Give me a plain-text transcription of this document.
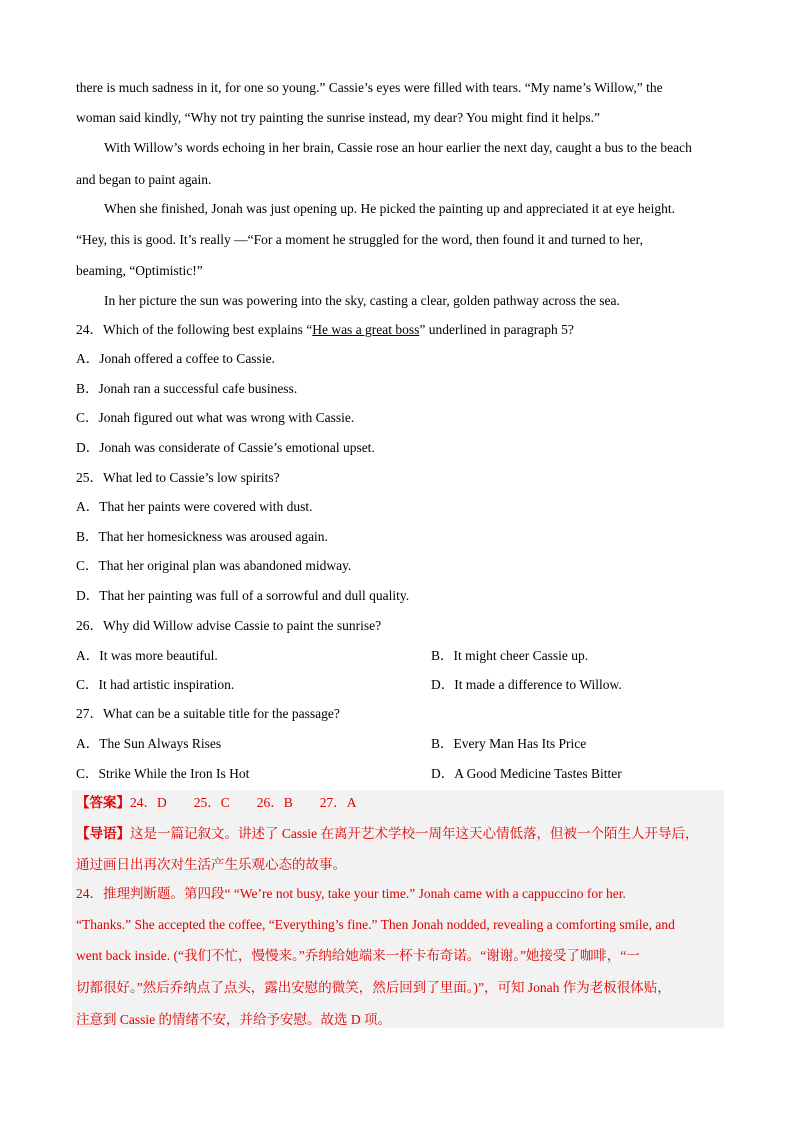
there is much sadness in it, for one so young.” Cassie’s eyes were filled with tears. “My name’s Willow,” the
woman said kindly, “Why not try painting the sunrise instead, my dear? You might find it helps.”
With Willow’s words echoing in her brain, Cassie rose an hour earlier the next day, caught a bus to the beach
and began to paint again.
When she finished, Jonah was just opening up. He picked the painting up and appreciated it at eye height.
“Hey, this is good. It’s really —“For a moment he struggled for the word, then found it and turned to her,
beaming, “Optimistic!”
In her picture the sun was powering into the sky, casting a clear, golden pathway across the sea.
24．Which of the following best explains “He was a great boss” underlined in paragraph 5?
A．Jonah offered a coffee to Cassie.
B．Jonah ran a successful cafe business.
C．Jonah figured out what was wrong with Cassie.
D．Jonah was considerate of Cassie’s emotional upset.
25．What led to Cassie’s low spirits?
A．That her paints were covered with dust.
B．That her homesickness was aroused again.
C．That her original plan was abandoned midway.
D．That her painting was full of a sorrowful and dull quality.
26．Why did Willow advise Cassie to paint the sunrise?
A．It was more beautiful.	B．It might cheer Cassie up.
C．It had artistic inspiration.	D．It made a difference to Willow.
27．What can be a suitable title for the passage?
A．The Sun Always Rises	B．Every Man Has Its Price
C．Strike While the Iron Is Hot	D．A Good Medicine Tastes Bitter
【答案】24．D　　25．C　　26．B　　27．A
【导语】这是一篇记叙文。讲述了 Cassie 在离开艺术学校一周年这天心情低落，但被一个陌生人开导后，
通过画日出再次对生活产生乐观心态的故事。
24．推理判断题。第四段“ “We’re not busy, take your time.” Jonah came with a cappuccino for her.
“Thanks.” She accepted the coffee, “Everything’s fine.” Then Jonah nodded, revealing a comforting smile, and
went back inside. (“我们不忙，慢慢来。”乔纳给她端来一杯卡布奇诺。“谢谢。”她接受了咖啡，“一
切都很好。”然后乔纳点了点头，露出安慰的微笑，然后回到了里面。)”，可知 Jonah 作为老板很体贴，
注意到 Cassie 的情绪不安，并给予安慰。故选 D 项。
